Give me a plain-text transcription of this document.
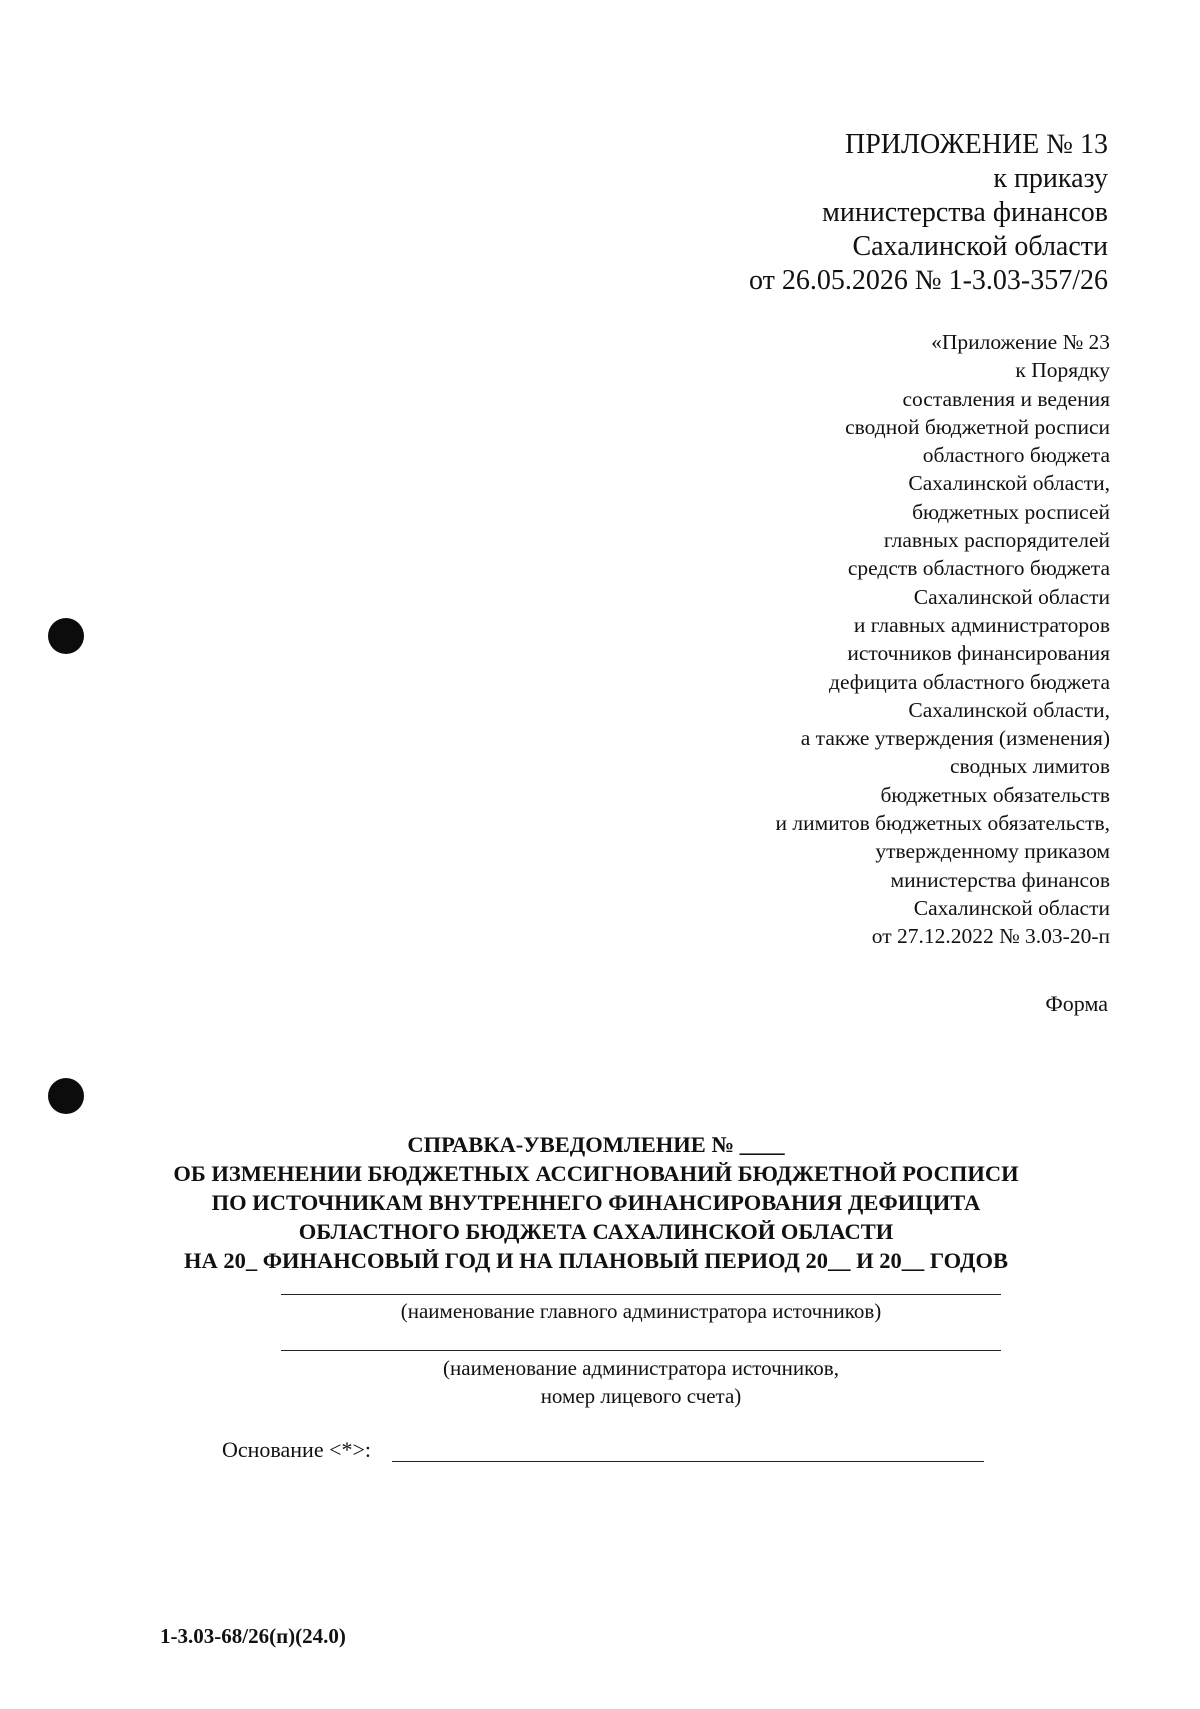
ПРИЛОЖЕНИЕ № 13
к приказу
министерства финансов
Сахалинской области
от 26.05.2026 № 1-3.03-357/26
«Приложение № 23
к Порядку
составления и ведения
сводной бюджетной росписи
областного бюджета
Сахалинской области,
бюджетных росписей
главных распорядителей
средств областного бюджета
Сахалинской области
и главных администраторов
источников финансирования
дефицита областного бюджета
Сахалинской области,
а также утверждения (изменения)
сводных лимитов
бюджетных обязательств
и лимитов бюджетных обязательств,
утвержденному приказом
министерства финансов
Сахалинской области
от 27.12.2022 № 3.03-20-п
Форма
СПРАВКА-УВЕДОМЛЕНИЕ № ____
ОБ ИЗМЕНЕНИИ БЮДЖЕТНЫХ АССИГНОВАНИЙ БЮДЖЕТНОЙ РОСПИСИ
ПО ИСТОЧНИКАМ ВНУТРЕННЕГО ФИНАНСИРОВАНИЯ ДЕФИЦИТА
ОБЛАСТНОГО БЮДЖЕТА САХАЛИНСКОЙ ОБЛАСТИ
НА 20_ ФИНАНСОВЫЙ ГОД И НА ПЛАНОВЫЙ ПЕРИОД 20__ И 20__ ГОДОВ
(наименование главного администратора источников)
(наименование администратора источников,
номер лицевого счета)
Основание <*>:
1-3.03-68/26(п)(24.0)
